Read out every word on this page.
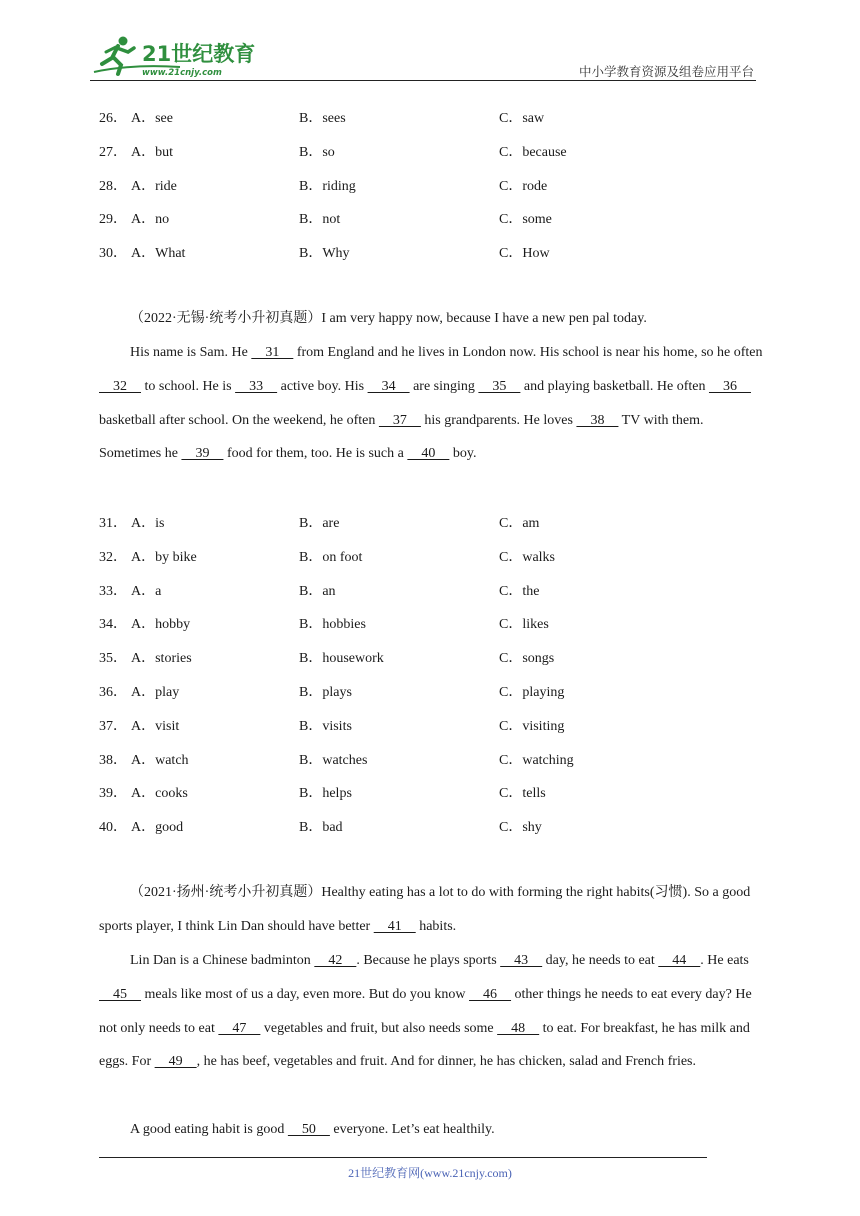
21世纪教育
www.21cnjy.com	中小学教育资源及组卷应用平台
26． A．see	B．sees	C．saw
27． A．but	B．so	C．because
28． A．ride	B．riding	C．rode
29． A．no	B．not	C．some
30． A．What	B．Why	C．How

（2022·无锡·统考小升初真题）I am very happy now, because I have a new pen pal today.

His name is Sam. He   31   from England and he lives in London now. His school is near his home, so he often   32   to school. He is   33   active boy. His   34   are singing   35   and playing basketball. He often   36   basketball after school. On the weekend, he often   37   his grandparents. He loves   38   TV with them. Sometimes he   39   food for them, too. He is such a   40   boy.

31． A．is	B．are	C．am
32． A．by bike	B．on foot	C．walks
33． A．a	B．an	C．the
34． A．hobby	B．hobbies	C．likes
35． A．stories	B．housework	C．songs
36． A．play	B．plays	C．playing
37． A．visit	B．visits	C．visiting
38． A．watch	B．watches	C．watching
39． A．cooks	B．helps	C．tells
40． A．good	B．bad	C．shy

（2021·扬州·统考小升初真题）Healthy eating has a lot to do with forming the right habits(习惯). So a good sports player, I think Lin Dan should have better   41   habits.

Lin Dan is a Chinese badminton   42  . Because he plays sports   43   day, he needs to eat   44  . He eats   45   meals like most of us a day, even more. But do you know   46   other things he needs to eat every day? He not only needs to eat   47   vegetables and fruit, but also needs some   48   to eat. For breakfast, he has milk and eggs. For   49  , he has beef, vegetables and fruit. And for dinner, he has chicken, salad and French fries.

A good eating habit is good   50   everyone. Let’s eat healthily.

21世纪教育网(www.21cnjy.com)
